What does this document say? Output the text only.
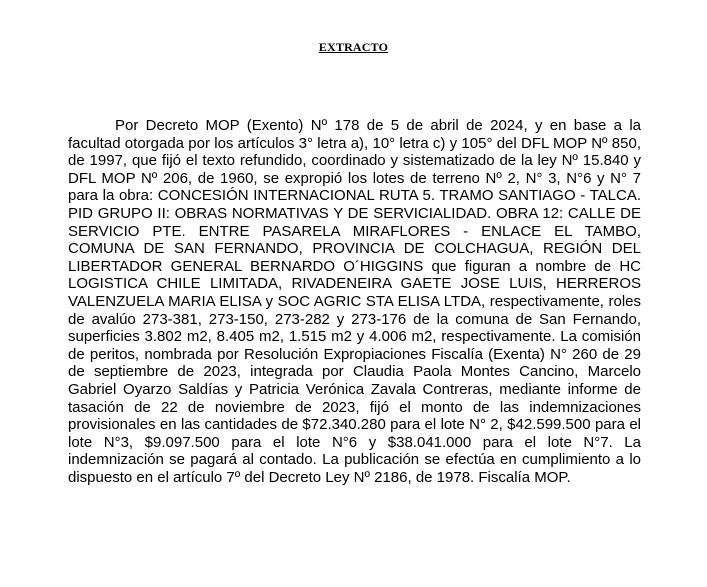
EXTRACTO

Por Decreto MOP (Exento) Nº 178 de 5 de abril de 2024, y en base a la facultad otorgada por los artículos 3° letra a), 10° letra c) y 105° del DFL MOP Nº 850, de 1997, que fijó el texto refundido, coordinado y sistematizado de la ley Nº 15.840 y DFL MOP Nº 206, de 1960, se expropió los lotes de terreno Nº 2, N° 3, N°6 y N° 7 para la obra: CONCESIÓN INTERNACIONAL RUTA 5. TRAMO SANTIAGO - TALCA. PID GRUPO II: OBRAS NORMATIVAS Y DE SERVICIALIDAD. OBRA 12: CALLE DE SERVICIO PTE. ENTRE PASARELA MIRAFLORES - ENLACE EL TAMBO, COMUNA DE SAN FERNANDO, PROVINCIA DE COLCHAGUA, REGIÓN DEL LIBERTADOR GENERAL BERNARDO O´HIGGINS que figuran a nombre de HC LOGISTICA CHILE LIMITADA, RIVADENEIRA GAETE JOSE LUIS, HERREROS VALENZUELA MARIA ELISA y SOC AGRIC STA ELISA LTDA, respectivamente, roles de avalúo 273-381, 273-150, 273-282 y 273-176 de la comuna de San Fernando, superficies 3.802 m2, 8.405 m2, 1.515 m2 y 4.006 m2, respectivamente. La comisión de peritos, nombrada por Resolución Expropiaciones Fiscalía (Exenta) N° 260 de 29 de septiembre de 2023, integrada por Claudia Paola Montes Cancino, Marcelo Gabriel Oyarzo Saldías y Patricia Verónica Zavala Contreras, mediante informe de tasación de 22 de noviembre de 2023, fijó el monto de las indemnizaciones provisionales en las cantidades de $72.340.280 para el lote N° 2, $42.599.500 para el lote N°3, $9.097.500 para el lote N°6 y $38.041.000 para el lote N°7. La indemnización se pagará al contado. La publicación se efectúa en cumplimiento a lo dispuesto en el artículo 7º del Decreto Ley Nº 2186, de 1978. Fiscalía MOP.
